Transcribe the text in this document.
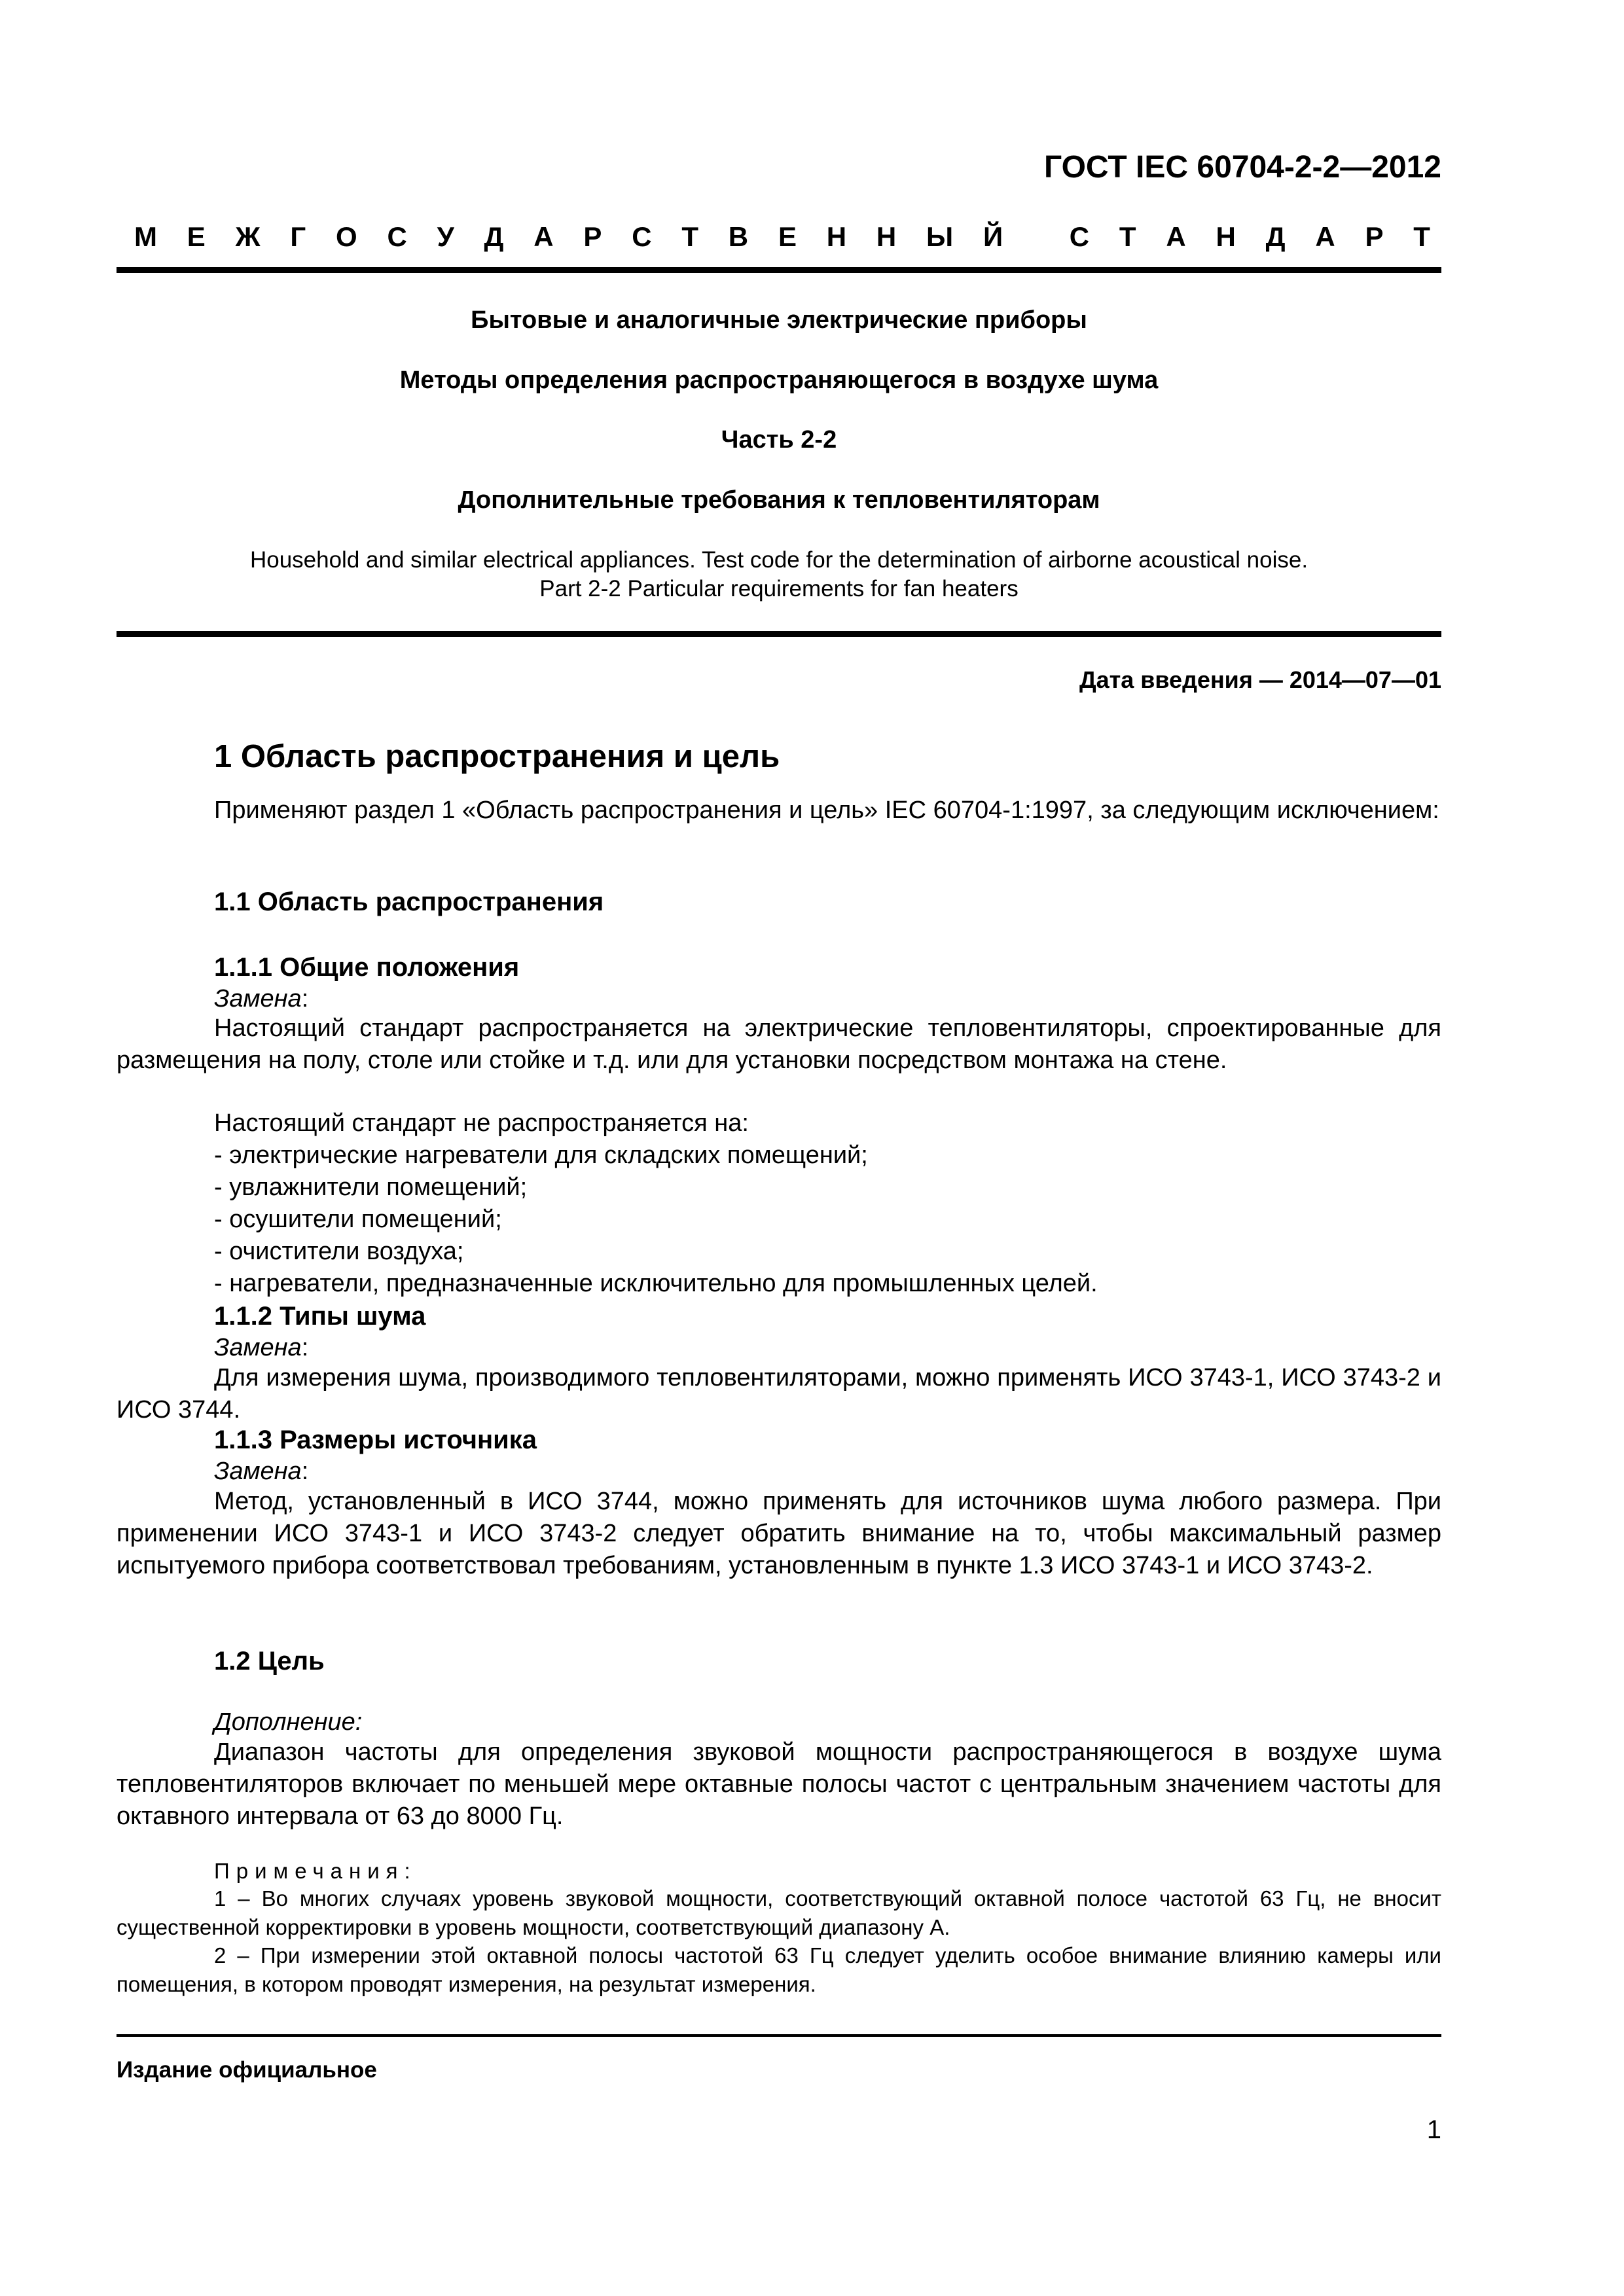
ГОСТ IEC 60704-2-2—2012
М Е Ж Г О С У Д А Р С Т В Е Н Н Ы Й С Т А Н Д А Р Т
Бытовые и аналогичные электрические приборы
Методы определения распространяющегося в воздухе шума
Часть 2-2
Дополнительные требования к тепловентиляторам
Household and similar electrical appliances. Test code for the determination of airborne acoustical noise.
Part 2-2 Particular requirements for fan heaters
Дата введения — 2014—07—01
1 Область распространения и цель

Применяют раздел 1 «Область распространения и цель» IEC 60704-1:1997, за следующим исключением:

1.1 Область распространения
1.1.1 Общие положения
Замена:

Настоящий стандарт распространяется на электрические тепловентиляторы, спроектированные для размещения на полу, столе или стойке и т.д. или для установки посредством монтажа на стене.

Настоящий стандарт не распространяется на:
- электрические нагреватели для складских помещений;
- увлажнители помещений;
- осушители помещений;
- очистители воздуха;
- нагреватели, предназначенные исключительно для промышленных целей.
1.1.2 Типы шума
Замена:

Для измерения шума, производимого тепловентиляторами, можно применять ИСО 3743-1, ИСО 3743-2 и ИСО 3744.

1.1.3 Размеры источника
Замена:

Метод, установленный в ИСО 3744, можно применять для источников шума любого размера. При применении ИСО 3743-1 и ИСО 3743-2 следует обратить внимание на то, чтобы максимальный размер испытуемого прибора соответствовал требованиям, установленным в пункте 1.3 ИСО 3743-1 и ИСО 3743-2.

1.2 Цель
Дополнение:

Диапазон частоты для определения звуковой мощности распространяющегося в воздухе шума тепловентиляторов включает по меньшей мере октавные полосы частот с центральным значением частоты для октавного интервала от 63 до 8000 Гц.

Примечания:

1 – Во многих случаях уровень звуковой мощности, соответствующий октавной полосе частотой 63 Гц, не вносит существенной корректировки в уровень мощности, соответствующий диапазону А.

2 – При измерении этой октавной полосы частотой 63 Гц следует уделить особое внимание влиянию камеры или помещения, в котором проводят измерения, на результат измерения.

Издание официальное
1
